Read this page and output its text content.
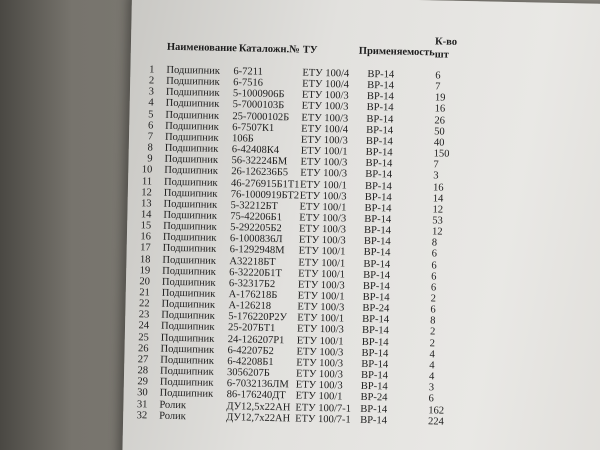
Наименование Каталожн.№ ТУ	Применяемость
К-во
шт
1 Подшипник 6-7211	ЕТУ 100/4 ВР-14	6
2 Подшипник 6-7516	ЕТУ 100/4 ВР-14	7
3 Подшипник 5-1000906Б ЕТУ 100/3 ВР-14	19
4 Подшипник 5-7000103Б ЕТУ 100/3 ВР-14	16
5 Подшипник 25-7000102Б ЕТУ 100/3 ВР-14	26
6 Подшипник 6-7507К1	ЕТУ 100/4 ВР-14	50
7 Подшипник 106Б	ЕТУ 100/3 ВР-14	40
8 Подшипник 6-42408К4 ЕТУ 100/1 ВР-14	150
9 Подшипник 56-32224БМ ЕТУ 100/3 ВР-14	7
10 Подшипник 26-126236Б5 ЕТУ 100/3 ВР-14	3
11 Подшипник 46-276915Б1Т1 ЕТУ 100/1 ВР-14	16
12 Подшипник 76-1000919БТ2 ЕТУ 100/3 ВР-14	14
13 Подшипник 5-32212БТ ЕТУ 100/1 ВР-14	12
14 Подшипник 75-42206Б1 ЕТУ 100/3 ВР-14	53
15 Подшипник 5-292205Б2 ЕТУ 100/3 ВР-14	12
16 Подшипник 6-1000836Л ЕТУ 100/3 ВР-14	8
17 Подшипник 6-1292948М ЕТУ 100/1 ВР-14	6
18 Подшипник А32218БТ ЕТУ 100/1 ВР-14	6
19 Подшипник 6-32220Б1Т ЕТУ 100/1 ВР-14	6
20 Подшипник 6-32317Б2 ЕТУ 100/3 ВР-14	6
21 Подшипник А-176218Б ЕТУ 100/1 ВР-14	2
22 Подшипник А-126218 ЕТУ 100/3 ВР-24	6
23 Подшипник 5-176220Р2У ЕТУ 100/1 ВР-14	8
24 Подшипник 25-207БТ1 ЕТУ 100/3 ВР-14	2
25 Подшипник 24-126207Р1 ЕТУ 100/1 ВР-14	2
26 Подшипник 6-42207Б2 ЕТУ 100/3 ВР-14	4
27 Подшипник 6-42208Б1 ЕТУ 100/3 ВР-14	4
28 Подшипник 3056207Б ЕТУ 100/3 ВР-14	4
29 Подшипник 6-7032136ЛМ ЕТУ 100/3 ВР-14	3
30 Подшипник 86-176240ДТ ЕТУ 100/1 ВР-24	6
31 Ролик	ДУ12,5х22АН ЕТУ 100/7-1 ВР-14	162
32 Ролик	ДУ12,7х22АН ЕТУ 100/7-1 ВР-14	224
